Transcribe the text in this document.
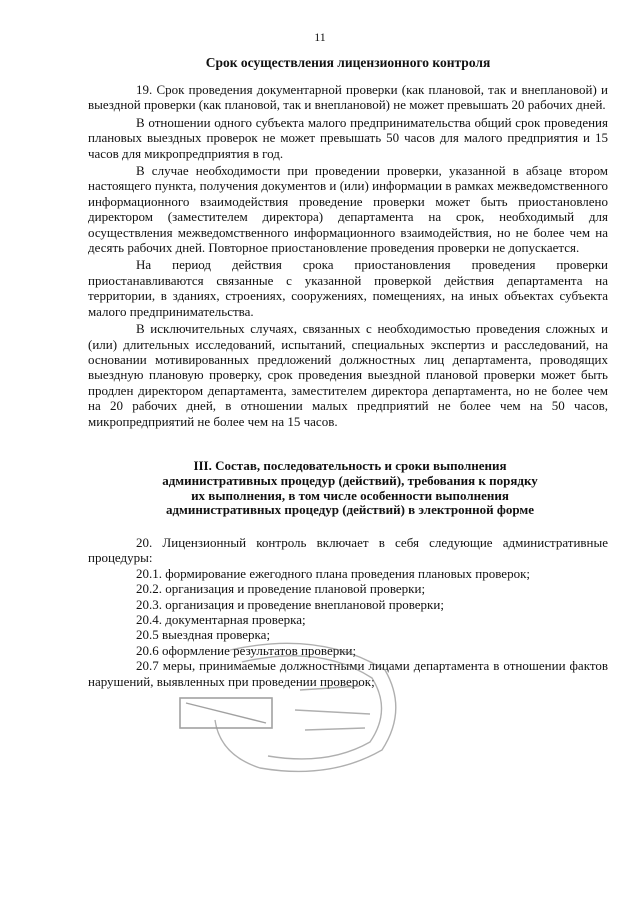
11
Срок осуществления лицензионного контроля

19. Срок проведения документарной проверки (как плановой, так и внеплановой) и выездной проверки (как плановой, так и внеплановой) не может превышать 20 рабочих дней.

В отношении одного субъекта малого предпринимательства общий срок проведения плановых выездных проверок не может превышать 50 часов для малого предприятия и 15 часов для микропредприятия в год.

В случае необходимости при проведении проверки, указанной в абзаце втором настоящего пункта, получения документов и (или) информации в рамках межведомственного информационного взаимодействия проведение проверки может быть приостановлено директором (заместителем директора) департамента на срок, необходимый для осуществления межведомственного информационного взаимодействия, но не более чем на десять рабочих дней. Повторное приостановление проведения проверки не допускается.

На период действия срока приостановления проведения проверки приостанавливаются связанные с указанной проверкой действия департамента на территории, в зданиях, строениях, сооружениях, помещениях, на иных объектах субъекта малого предпринимательства.

В исключительных случаях, связанных с необходимостью проведения сложных и (или) длительных исследований, испытаний, специальных экспертиз и расследований, на основании мотивированных предложений должностных лиц департамента, проводящих выездную плановую проверку, срок проведения выездной плановой проверки может быть продлен директором департамента, заместителем директора департамента, но не более чем на 20 рабочих дней, в отношении малых предприятий не более чем на 50 часов, микропредприятий не более чем на 15 часов.

III. Состав, последовательность и сроки выполнения
административных процедур (действий), требования к порядку
их выполнения, в том числе особенности выполнения
административных процедур (действий) в электронной форме

20. Лицензионный контроль включает в себя следующие административные процедуры:

20.1. формирование ежегодного плана проведения плановых проверок;
20.2. организация и проведение плановой проверки;
20.3. организация и проведение внеплановой проверки;
20.4. документарная проверка;
20.5 выездная проверка;
20.6 оформление результатов проверки;
20.7 меры, принимаемые должностными лицами департамента в отношении фактов нарушений, выявленных при проведении проверок;
